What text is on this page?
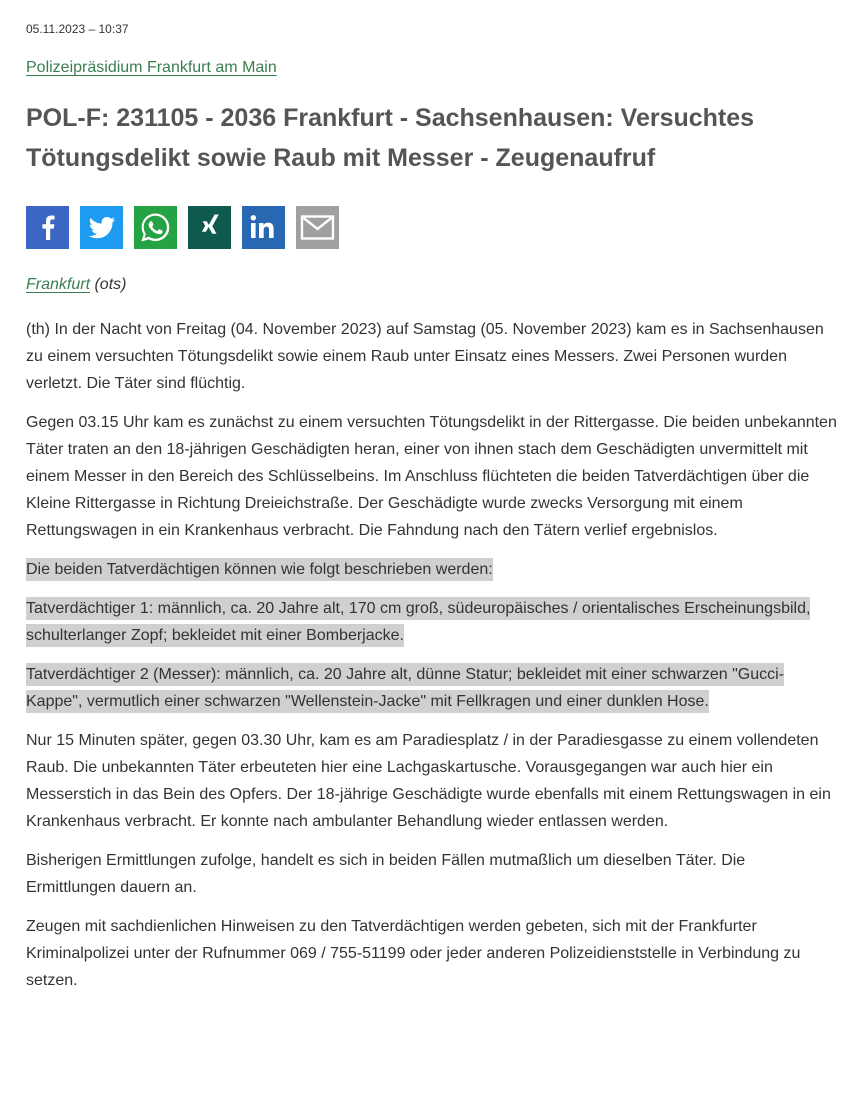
05.11.2023 – 10:37
Polizeipräsidium Frankfurt am Main
POL-F: 231105 - 2036 Frankfurt - Sachsenhausen: Versuchtes Tötungsdelikt sowie Raub mit Messer - Zeugenaufruf
Frankfurt (ots)

(th) In der Nacht von Freitag (04. November 2023) auf Samstag (05. November 2023) kam es in Sachsenhausen zu einem versuchten Tötungsdelikt sowie einem Raub unter Einsatz eines Messers. Zwei Personen wurden verletzt. Die Täter sind flüchtig.

Gegen 03.15 Uhr kam es zunächst zu einem versuchten Tötungsdelikt in der Rittergasse. Die beiden unbekannten Täter traten an den 18-jährigen Geschädigten heran, einer von ihnen stach dem Geschädigten unvermittelt mit einem Messer in den Bereich des Schlüsselbeins. Im Anschluss flüchteten die beiden Tatverdächtigen über die Kleine Rittergasse in Richtung Dreieichstraße. Der Geschädigte wurde zwecks Versorgung mit einem Rettungswagen in ein Krankenhaus verbracht. Die Fahndung nach den Tätern verlief ergebnislos.

Die beiden Tatverdächtigen können wie folgt beschrieben werden:

Tatverdächtiger 1: männlich, ca. 20 Jahre alt, 170 cm groß, südeuropäisches / orientalisches Erscheinungsbild, schulterlanger Zopf; bekleidet mit einer Bomberjacke.

Tatverdächtiger 2 (Messer): männlich, ca. 20 Jahre alt, dünne Statur; bekleidet mit einer schwarzen "Gucci-Kappe", vermutlich einer schwarzen "Wellenstein-Jacke" mit Fellkragen und einer dunklen Hose.

Nur 15 Minuten später, gegen 03.30 Uhr, kam es am Paradiesplatz / in der Paradiesgasse zu einem vollendeten Raub. Die unbekannten Täter erbeuteten hier eine Lachgaskartusche. Vorausgegangen war auch hier ein Messerstich in das Bein des Opfers. Der 18-jährige Geschädigte wurde ebenfalls mit einem Rettungswagen in ein Krankenhaus verbracht. Er konnte nach ambulanter Behandlung wieder entlassen werden.

Bisherigen Ermittlungen zufolge, handelt es sich in beiden Fällen mutmaßlich um dieselben Täter. Die Ermittlungen dauern an.

Zeugen mit sachdienlichen Hinweisen zu den Tatverdächtigen werden gebeten, sich mit der Frankfurter Kriminalpolizei unter der Rufnummer 069 / 755-51199 oder jeder anderen Polizeidienststelle in Verbindung zu setzen.
